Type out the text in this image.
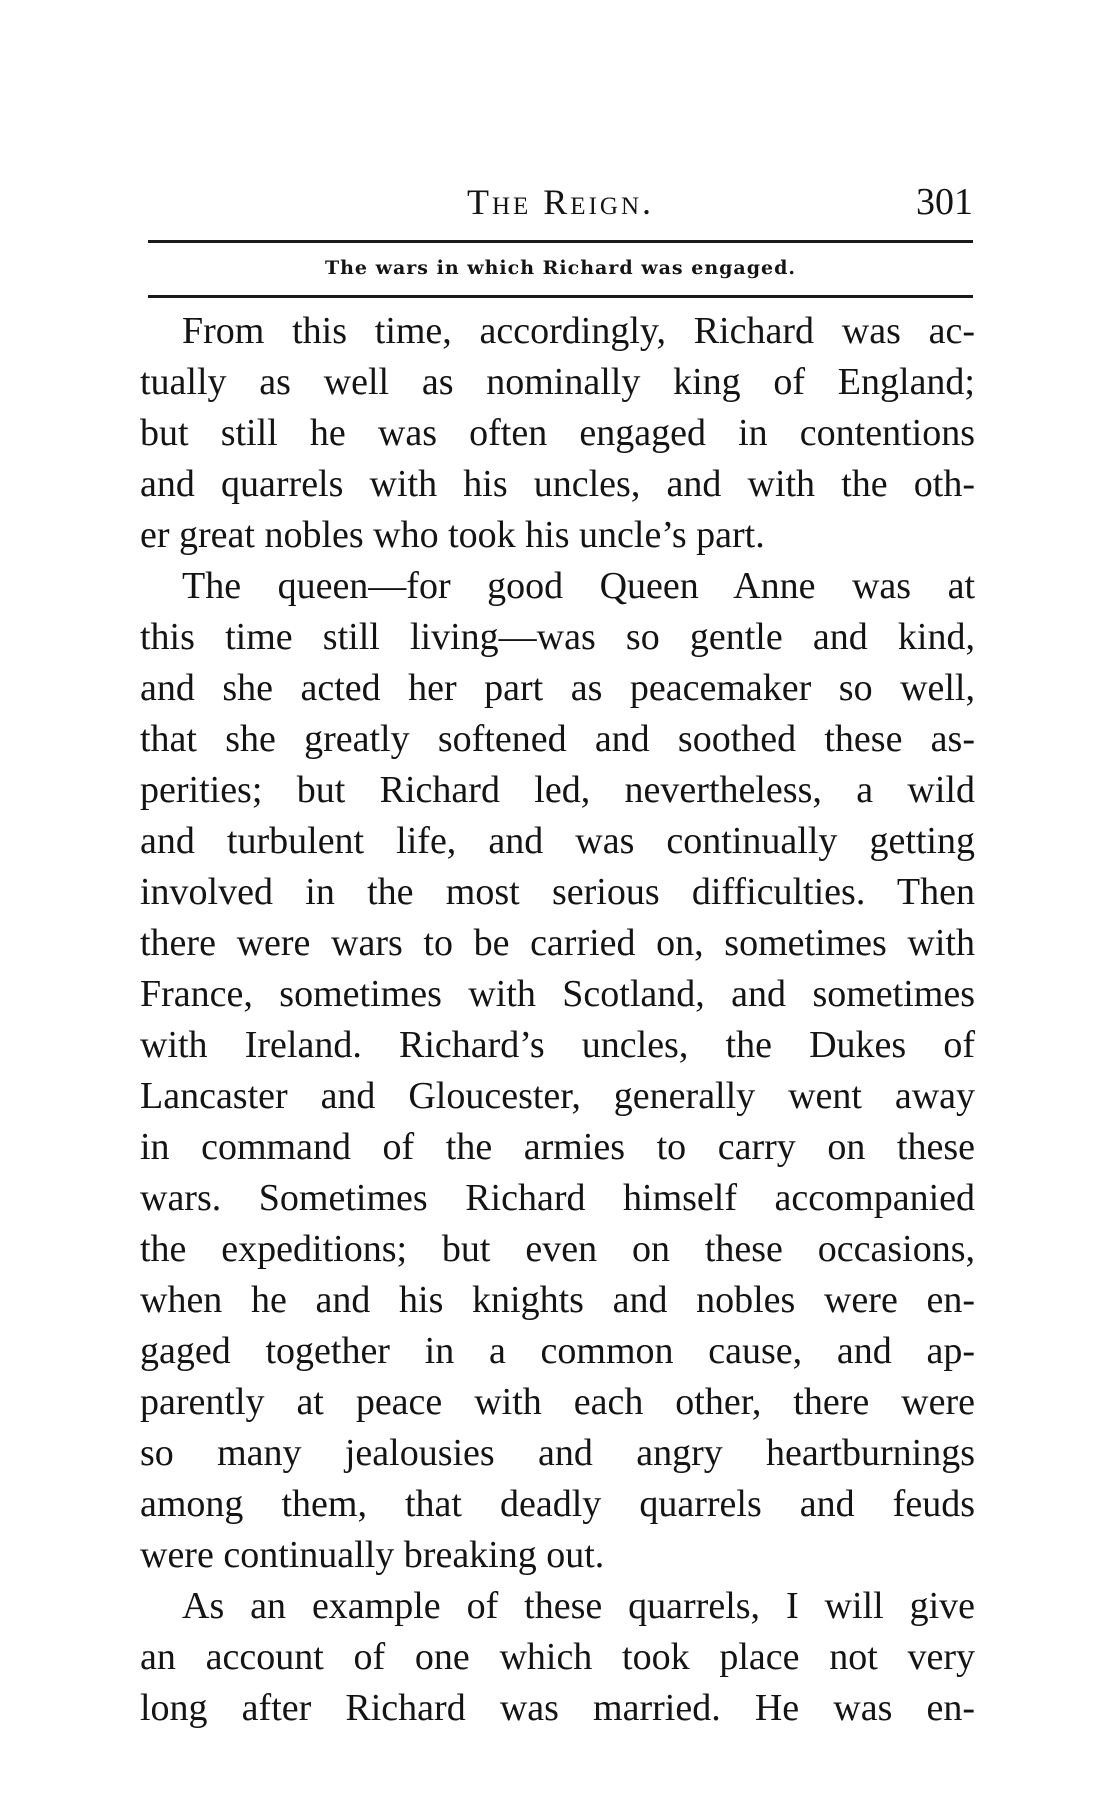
The Reign.	301
The wars in which Richard was engaged.
From this time, accordingly, Richard was ac-
tually as well as nominally king of England;
but still he was often engaged in contentions
and quarrels with his uncles, and with the oth-
er great nobles who took his uncle’s part.
The queen—for good Queen Anne was at
this time still living—was so gentle and kind,
and she acted her part as peacemaker so well,
that she greatly softened and soothed these as-
perities; but Richard led, nevertheless, a wild
and turbulent life, and was continually getting
involved in the most serious difficulties. Then
there were wars to be carried on, sometimes with
France, sometimes with Scotland, and sometimes
with Ireland. Richard’s uncles, the Dukes of
Lancaster and Gloucester, generally went away
in command of the armies to carry on these
wars. Sometimes Richard himself accompanied
the expeditions; but even on these occasions,
when he and his knights and nobles were en-
gaged together in a common cause, and ap-
parently at peace with each other, there were
so many jealousies and angry heartburnings
among them, that deadly quarrels and feuds
were continually breaking out.
As an example of these quarrels, I will give
an account of one which took place not very
long after Richard was married. He was en-
